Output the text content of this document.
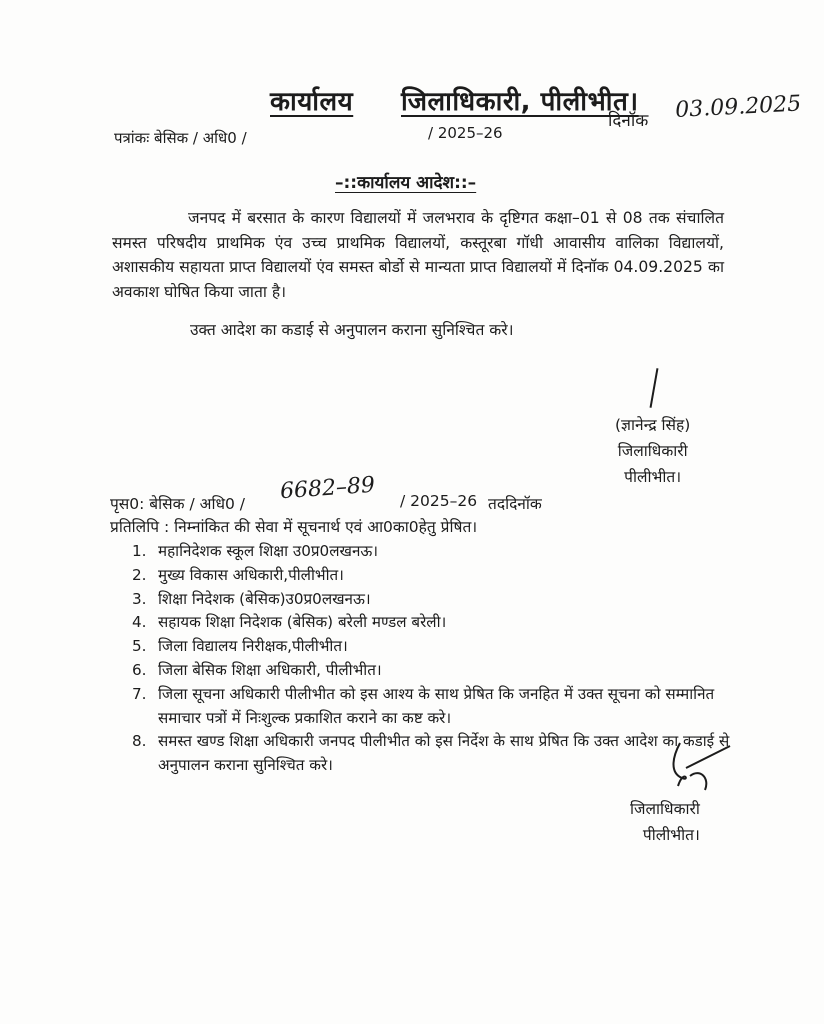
कार्यालय जिलाधिकारी, पीलीभीत।
दिनॉक 03.09.2025
पत्रांकः बेसिक / अधि0 /	/ 2025–26
–::कार्यालय आदेश::–
जनपद में बरसात के कारण विद्यालयों में जलभराव के दृष्टिगत कक्षा–01 से 08 तक संचालित समस्त परिषदीय प्राथमिक एंव उच्च प्राथमिक विद्यालयों, कस्तूरबा गॉधी आवासीय वालिका विद्यालयों, अशासकीय सहायता प्राप्त विद्यालयों एंव समस्त बोर्डो से मान्यता प्राप्त विद्यालयों में दिनॉक 04.09.2025 का अवकाश घोषित किया जाता है।
उक्त आदेश का कडाई से अनुपालन कराना सुनिश्चित करे।
(ज्ञानेन्द्र सिंह)
जिलाधिकारी
पीलीभीत।
पृस0: बेसिक / अधि0 / 6682–89 / 2025–26 तददिनॉक
प्रतिलिपि : निम्नांकित की सेवा में सूचनार्थ एवं आ0का0हेतु प्रेषित।
1. महानिदेशक स्कूल शिक्षा उ0प्र0लखनऊ।
2. मुख्य विकास अधिकारी,पीलीभीत।
3. शिक्षा निदेशक (बेसिक)उ0प्र0लखनऊ।
4. सहायक शिक्षा निदेशक (बेसिक) बरेली मण्डल बरेली।
5. जिला विद्यालय निरीक्षक,पीलीभीत।
6. जिला बेसिक शिक्षा अधिकारी, पीलीभीत।
7. जिला सूचना अधिकारी पीलीभीत को इस आश्य के साथ प्रेषित कि जनहित में उक्त सूचना को सम्मानित समाचार पत्रों में निःशुल्क प्रकाशित कराने का कष्ट करे।
8. समस्त खण्ड शिक्षा अधिकारी जनपद पीलीभीत को इस निर्देश के साथ प्रेषित कि उक्त आदेश का कडाई से अनुपालन कराना सुनिश्चित करे।
जिलाधिकारी
पीलीभीत।
